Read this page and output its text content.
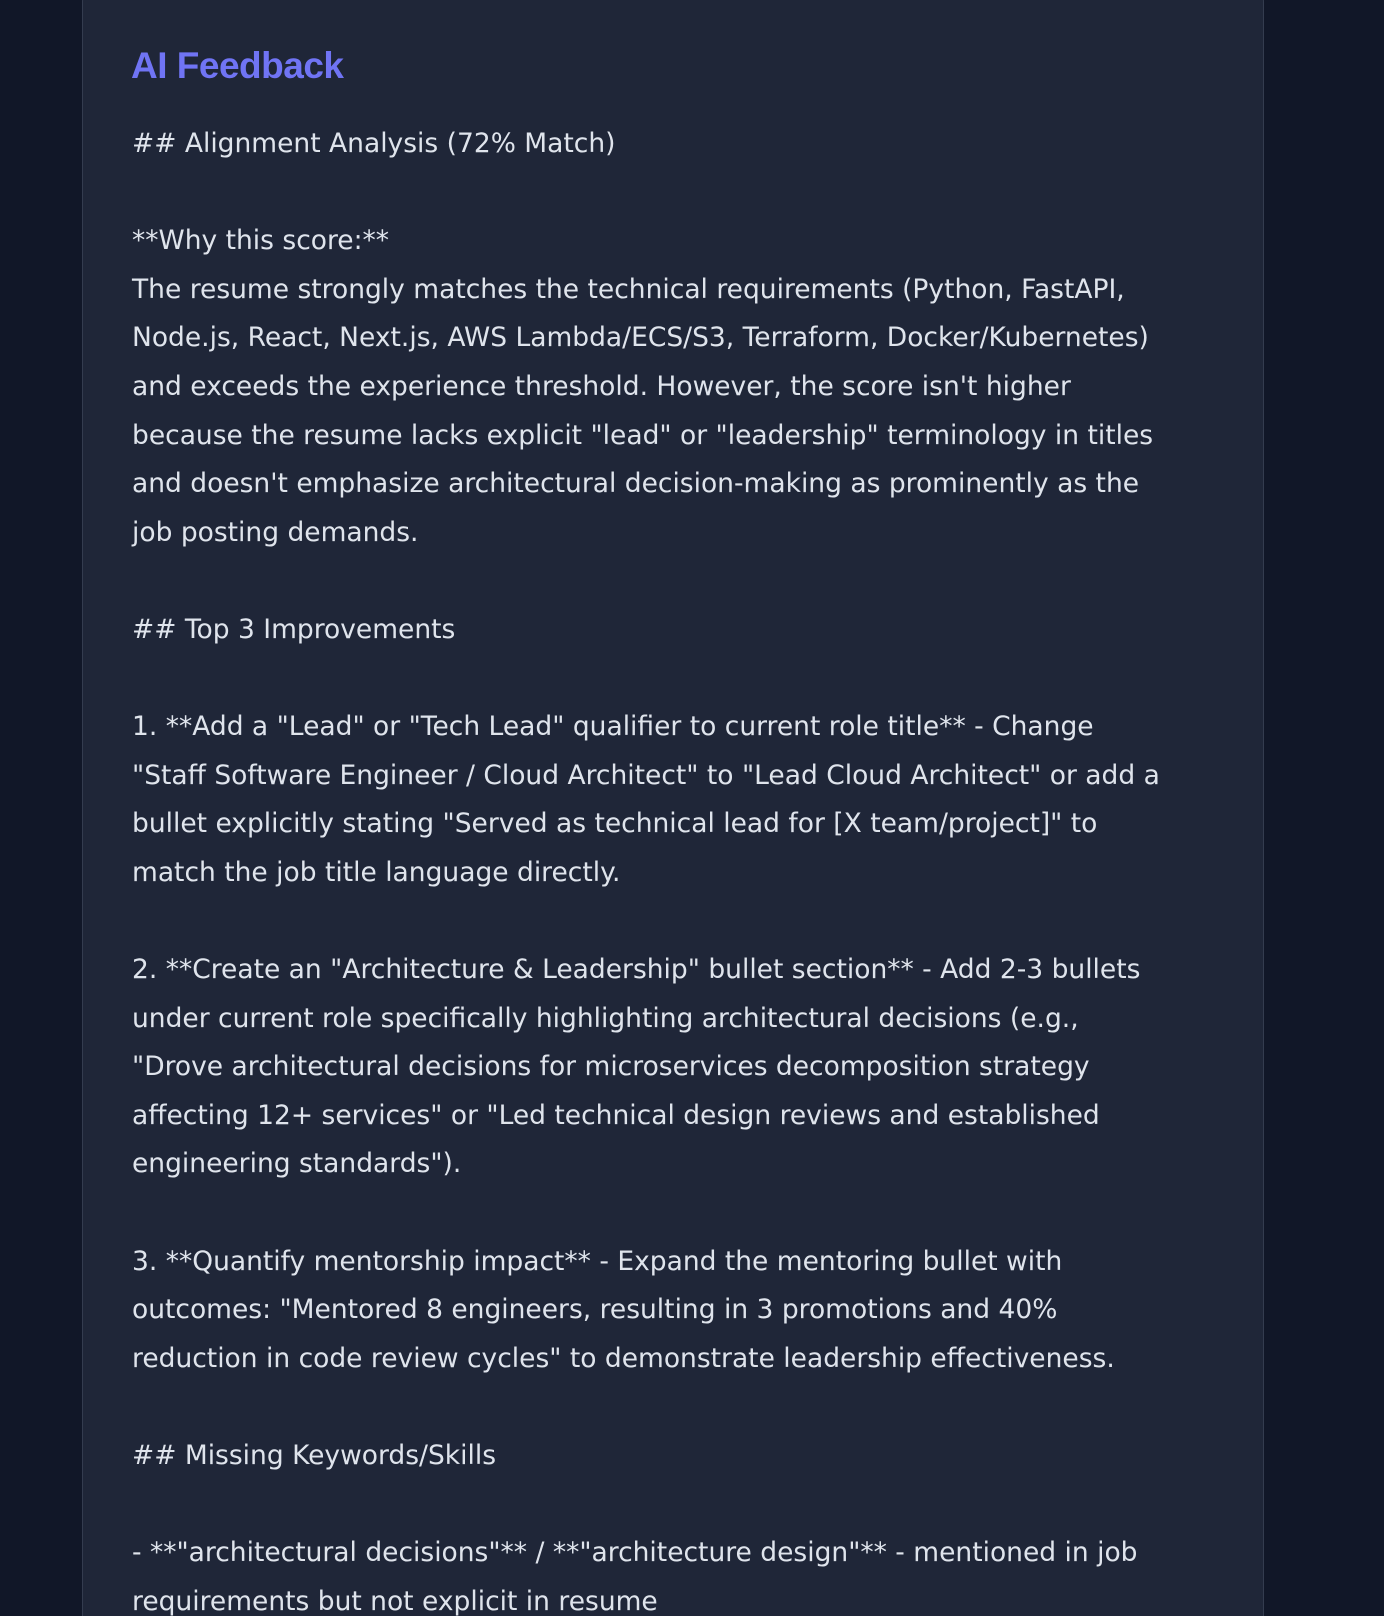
AI Feedback
## Alignment Analysis (72% Match)

**Why this score:**
The resume strongly matches the technical requirements (Python, FastAPI,
Node.js, React, Next.js, AWS Lambda/ECS/S3, Terraform, Docker/Kubernetes)
and exceeds the experience threshold. However, the score isn't higher
because the resume lacks explicit "lead" or "leadership" terminology in titles
and doesn't emphasize architectural decision-making as prominently as the
job posting demands.

## Top 3 Improvements

1. **Add a "Lead" or "Tech Lead" qualifier to current role title** - Change
"Staff Software Engineer / Cloud Architect" to "Lead Cloud Architect" or add a
bullet explicitly stating "Served as technical lead for [X team/project]" to
match the job title language directly.

2. **Create an "Architecture & Leadership" bullet section** - Add 2-3 bullets
under current role specifically highlighting architectural decisions (e.g.,
"Drove architectural decisions for microservices decomposition strategy
affecting 12+ services" or "Led technical design reviews and established
engineering standards").

3. **Quantify mentorship impact** - Expand the mentoring bullet with
outcomes: "Mentored 8 engineers, resulting in 3 promotions and 40%
reduction in code review cycles" to demonstrate leadership effectiveness.

## Missing Keywords/Skills

- **"architectural decisions"** / **"architecture design"** - mentioned in job
requirements but not explicit in resume
